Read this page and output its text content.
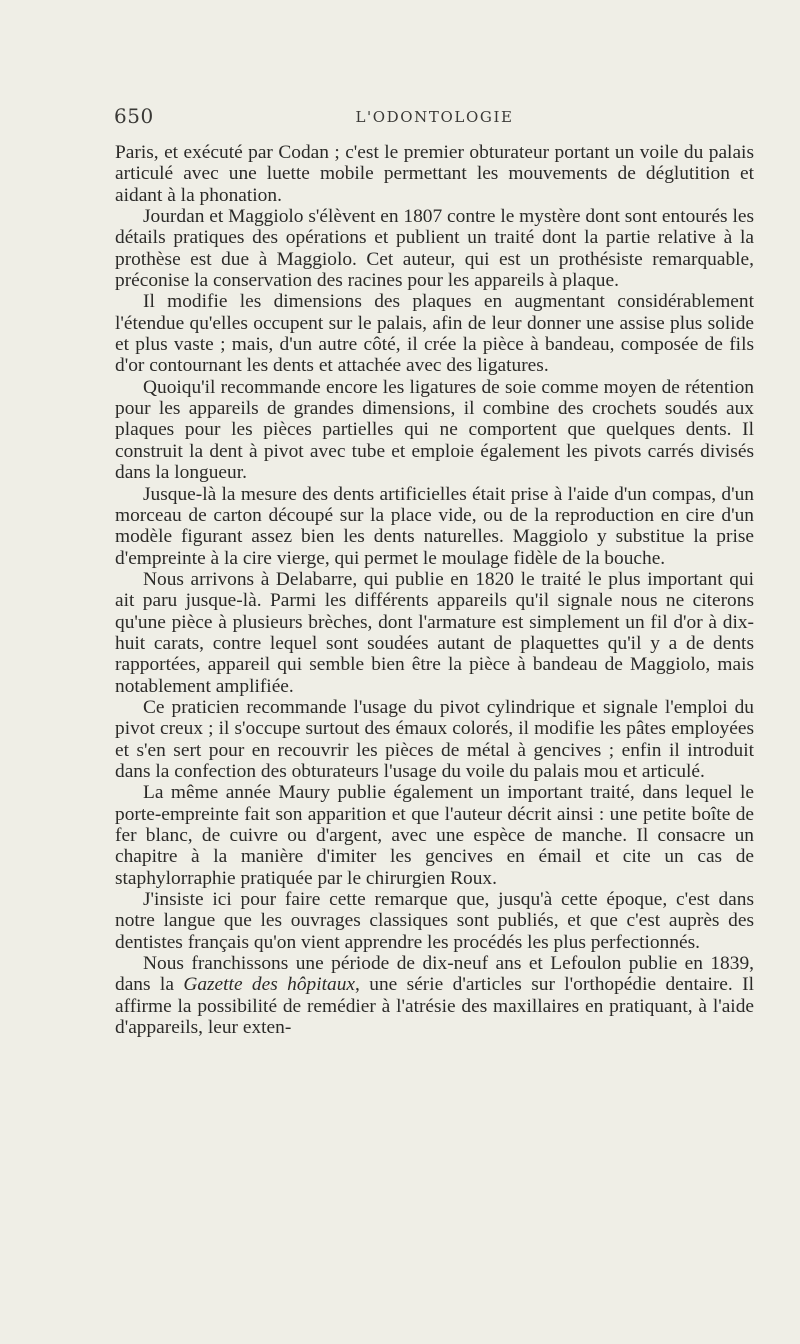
650	L'ODONTOLOGIE

Paris, et exécuté par Codan ; c'est le premier obturateur portant un voile du palais articulé avec une luette mobile permettant les mouvements de déglutition et aidant à la phonation.

Jourdan et Maggiolo s'élèvent en 1807 contre le mystère dont sont entourés les détails pratiques des opérations et publient un traité dont la partie relative à la prothèse est due à Maggiolo. Cet auteur, qui est un prothésiste remarquable, préconise la conservation des racines pour les appareils à plaque.

Il modifie les dimensions des plaques en augmentant considérablement l'étendue qu'elles occupent sur le palais, afin de leur donner une assise plus solide et plus vaste ; mais, d'un autre côté, il crée la pièce à bandeau, composée de fils d'or contournant les dents et attachée avec des ligatures.

Quoiqu'il recommande encore les ligatures de soie comme moyen de rétention pour les appareils de grandes dimensions, il combine des crochets soudés aux plaques pour les pièces partielles qui ne comportent que quelques dents. Il construit la dent à pivot avec tube et emploie également les pivots carrés divisés dans la longueur.

Jusque-là la mesure des dents artificielles était prise à l'aide d'un compas, d'un morceau de carton découpé sur la place vide, ou de la reproduction en cire d'un modèle figurant assez bien les dents naturelles. Maggiolo y substitue la prise d'empreinte à la cire vierge, qui permet le moulage fidèle de la bouche.

Nous arrivons à Delabarre, qui publie en 1820 le traité le plus important qui ait paru jusque-là. Parmi les différents appareils qu'il signale nous ne citerons qu'une pièce à plusieurs brèches, dont l'armature est simplement un fil d'or à dix-huit carats, contre lequel sont soudées autant de plaquettes qu'il y a de dents rapportées, appareil qui semble bien être la pièce à bandeau de Maggiolo, mais notablement amplifiée.

Ce praticien recommande l'usage du pivot cylindrique et signale l'emploi du pivot creux ; il s'occupe surtout des émaux colorés, il modifie les pâtes employées et s'en sert pour en recouvrir les pièces de métal à gencives ; enfin il introduit dans la confection des obturateurs l'usage du voile du palais mou et articulé.

La même année Maury publie également un important traité, dans lequel le porte-empreinte fait son apparition et que l'auteur décrit ainsi : une petite boîte de fer blanc, de cuivre ou d'argent, avec une espèce de manche. Il consacre un chapitre à la manière d'imiter les gencives en émail et cite un cas de staphylorraphie pratiquée par le chirurgien Roux.

J'insiste ici pour faire cette remarque que, jusqu'à cette époque, c'est dans notre langue que les ouvrages classiques sont publiés, et que c'est auprès des dentistes français qu'on vient apprendre les procédés les plus perfectionnés.

Nous franchissons une période de dix-neuf ans et Lefoulon publie en 1839, dans la Gazette des hôpitaux, une série d'articles sur l'orthopédie dentaire. Il affirme la possibilité de remédier à l'atrésie des maxillaires en pratiquant, à l'aide d'appareils, leur exten-
